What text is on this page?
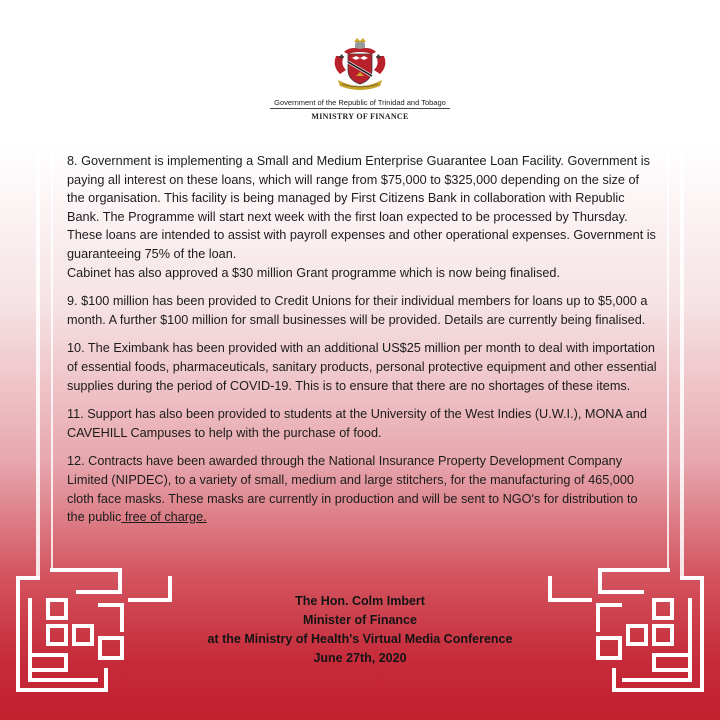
Government of the Republic of Trinidad and Tobago
MINISTRY OF FINANCE

8. Government is implementing a Small and Medium Enterprise Guarantee Loan Facility. Government is paying all interest on these loans, which will range from $75,000 to $325,000 depending on the size of the organisation. This facility is being managed by First Citizens Bank in collaboration with Republic Bank. The Programme will start next week with the first loan expected to be processed by Thursday. These loans are intended to assist with payroll expenses and other operational expenses. Government is guaranteeing 75% of the loan.

Cabinet has also approved a $30 million Grant programme which is now being finalised.

9. $100 million has been provided to Credit Unions for their individual members for loans up to $5,000 a month. A further $100 million for small businesses will be provided. Details are currently being finalised.

10. The Eximbank has been provided with an additional US$25 million per month to deal with importation of essential foods, pharmaceuticals, sanitary products, personal protective equipment and other essential supplies during the period of COVID-19. This is to ensure that there are no shortages of these items.

11. Support has also been provided to students at the University of the West Indies (U.W.I.), MONA and CAVEHILL Campuses to help with the purchase of food.

12. Contracts have been awarded through the National Insurance Property Development Company Limited (NIPDEC), to a variety of small, medium and large stitchers, for the manufacturing of 465,000 cloth face masks. These masks are currently in production and will be sent to NGO's for distribution to the public free of charge.

The Hon. Colm Imbert
Minister of Finance
at the Ministry of Health's Virtual Media Conference
June 27th, 2020
